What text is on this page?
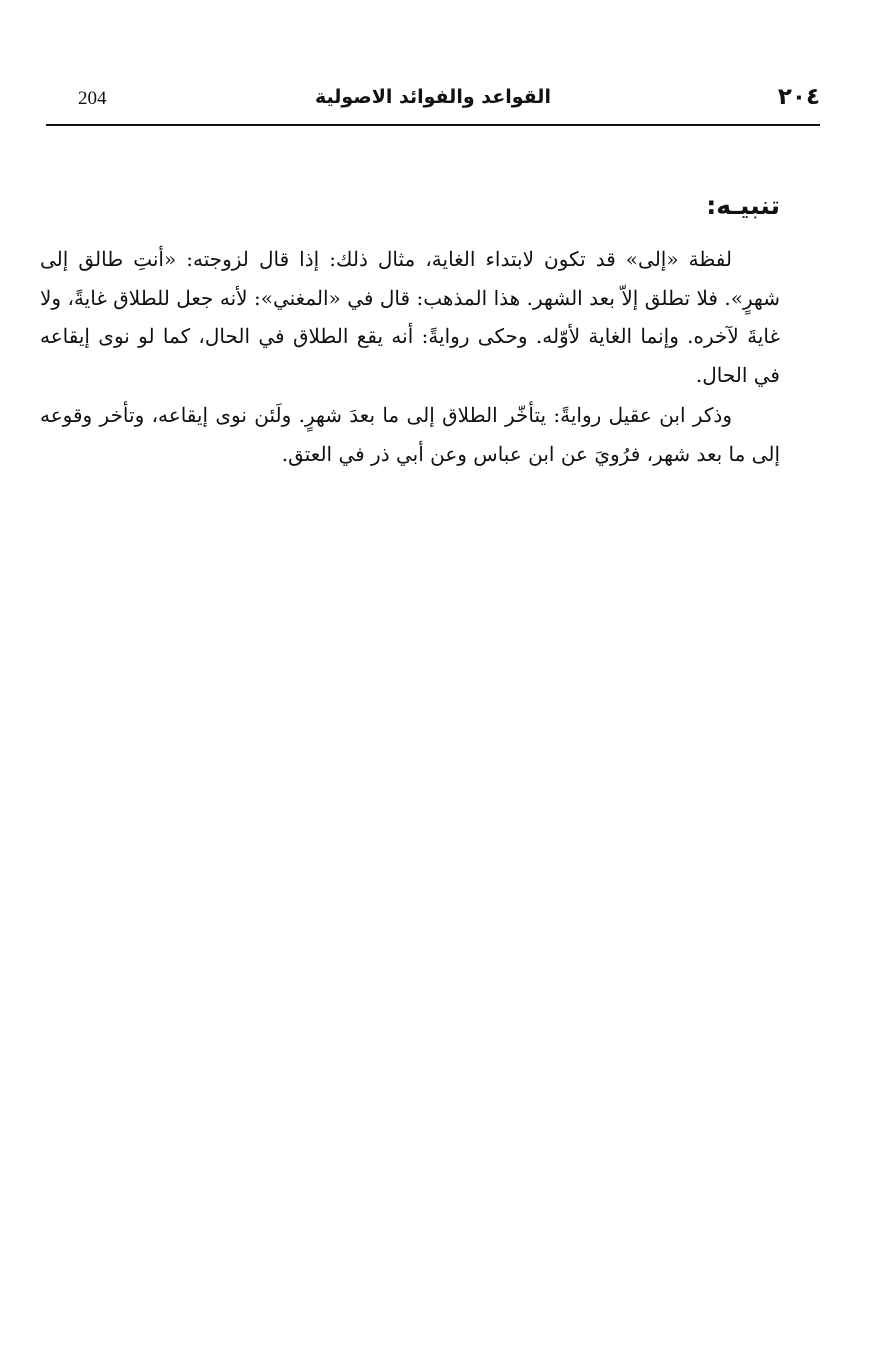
٢٠٤
القواعد والفوائد الاصولية
204
تنبيـه:

لفظة «إلى» قد تكون لابتداء الغاية، مثال ذلك: إذا قال لزوجته: «أنتِ طالق إلى شهرٍ». فلا تطلق إلاّ بعد الشهر. هذا المذهب: قال في «المغني»: لأنه جعل للطلاق غايةً، ولا غايةَ لآخره. وإنما الغاية لأوّله. وحكى روايةً: أنه يقع الطلاق في الحال، كما لو نوى إيقاعه في الحال.

وذكر ابن عقيل روايةً: يتأخّر الطلاق إلى ما بعدَ شهرٍ. ولَئن نوى إيقاعه، وتأخر وقوعه إلى ما بعد شهر، فرُويَ عن ابن عباس وعن أبي ذر في العتق.
